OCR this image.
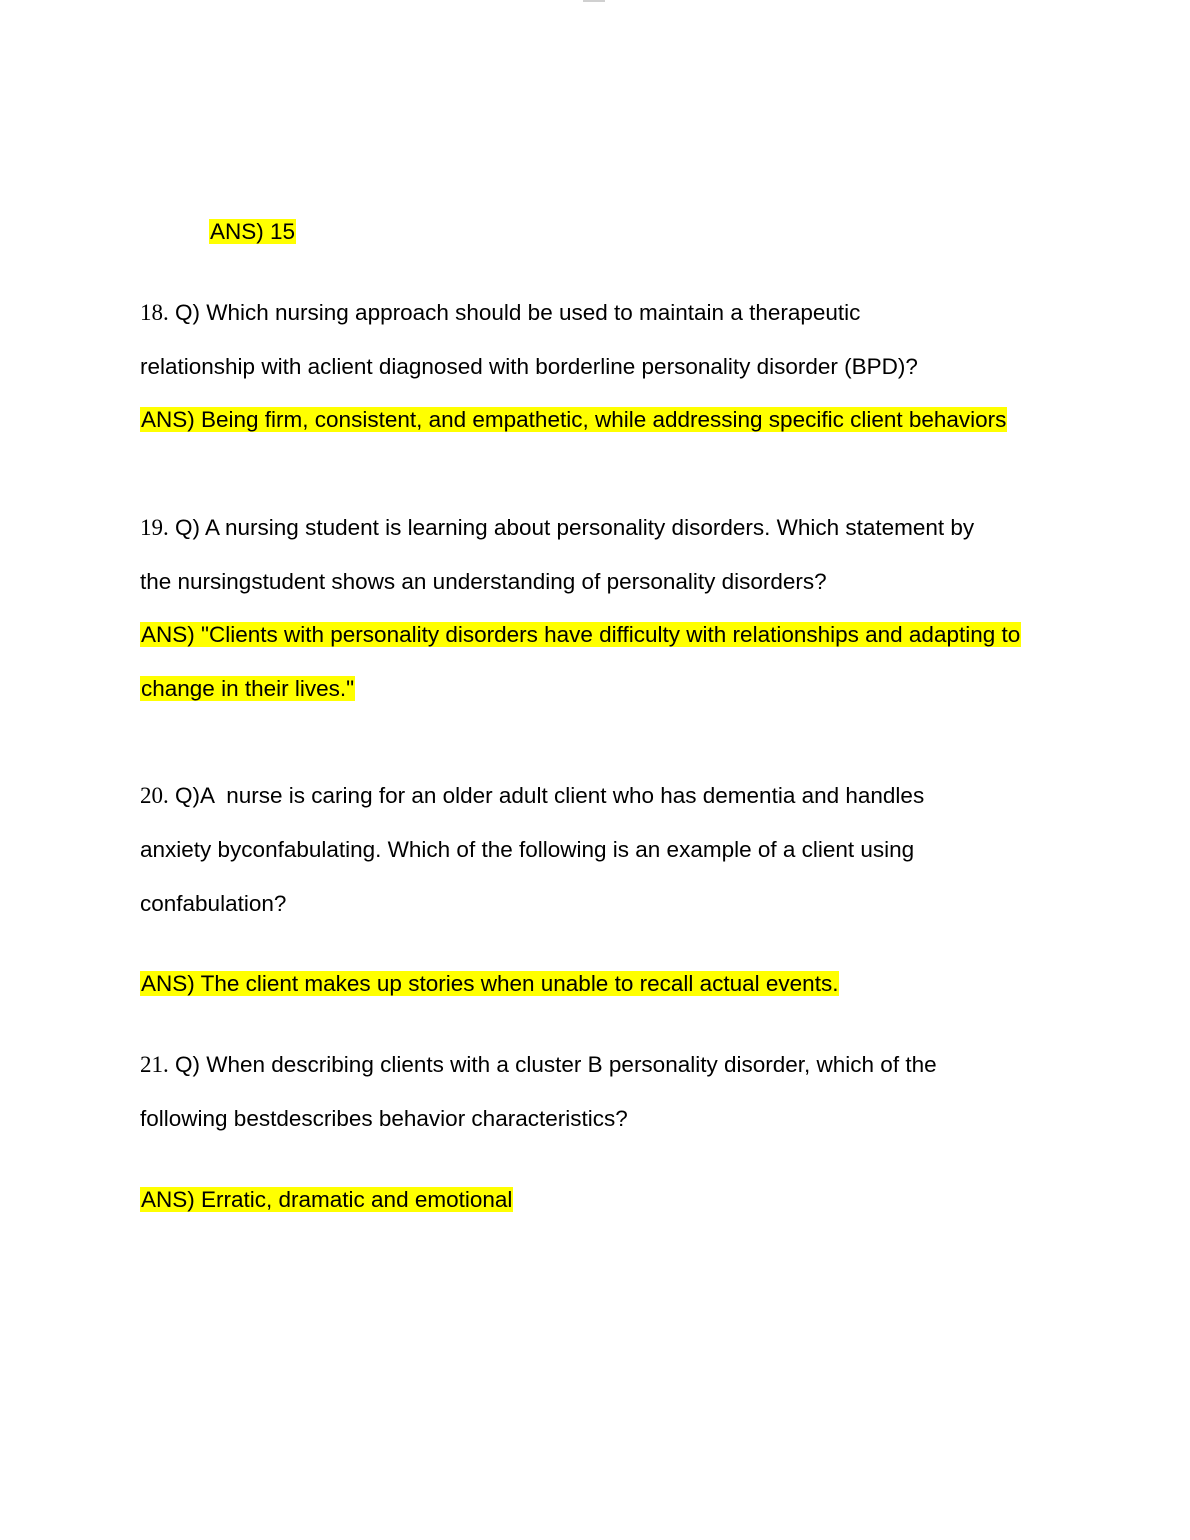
ANS) 15
18. Q) Which nursing approach should be used to maintain a therapeutic
relationship with aclient diagnosed with borderline personality disorder (BPD)?
ANS) Being firm, consistent, and empathetic, while addressing specific client behaviors
19. Q) A nursing student is learning about personality disorders. Which statement by
the nursingstudent shows an understanding of personality disorders?
ANS) "Clients with personality disorders have difficulty with relationships and adapting to
change in their lives."
20. Q)A  nurse is caring for an older adult client who has dementia and handles
anxiety byconfabulating. Which of the following is an example of a client using
confabulation?
ANS) The client makes up stories when unable to recall actual events.
21. Q) When describing clients with a cluster B personality disorder, which of the
following bestdescribes behavior characteristics?
ANS) Erratic, dramatic and emotional
